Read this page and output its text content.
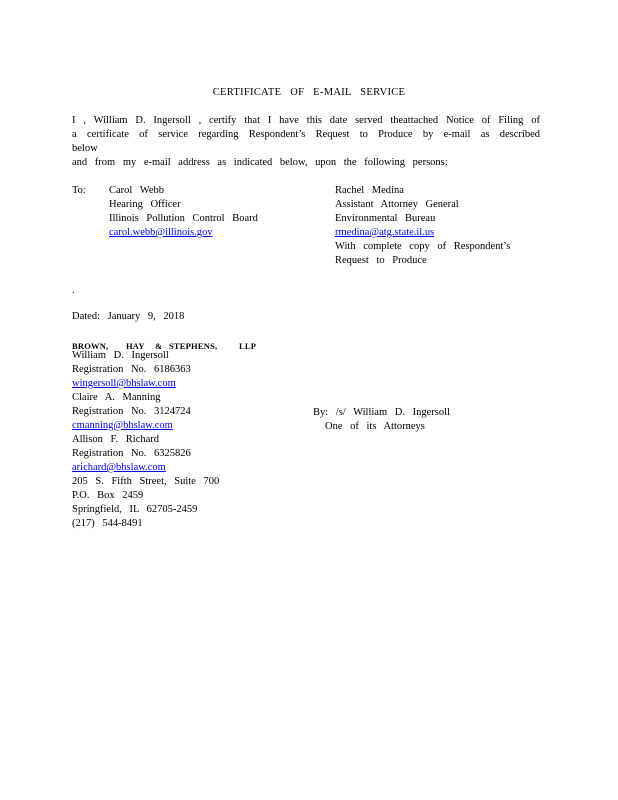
CERTIFICATE OF E-MAIL SERVICE
I , William D. Ingersoll , certify that I have this date served theattached Notice of Filing of
a certificate of service regarding Respondent’s Request to Produce by e-mail as described below
and from my e-mail address as indicated below, upon the following persons:
To: Carol Webb
Hearing Officer
Illinois Pollution Control Board
carol.webb@illinois.gov
Rachel Medina
Assistant Attorney General
Environmental Bureau
rmedina@atg.state.il.us
With complete copy of Respondent’s
Request to Produce
.
Dated: January 9, 2018
BROWN, HAY & STEPHENS,	LLP
William D. Ingersoll
Registration No. 6186363
wingersoll@bhslaw.com
Claire A. Manning
Registration No. 3124724
cmanning@bhslaw.com
Allison F. Richard
Registration No. 6325826
arichard@bhslaw.com
205 S. Fifth Street, Suite 700
P.O. Box 2459
Springfield, IL 62705-2459
(217) 544-8491
By: /s/ William D. Ingersoll
One of its Attorneys
